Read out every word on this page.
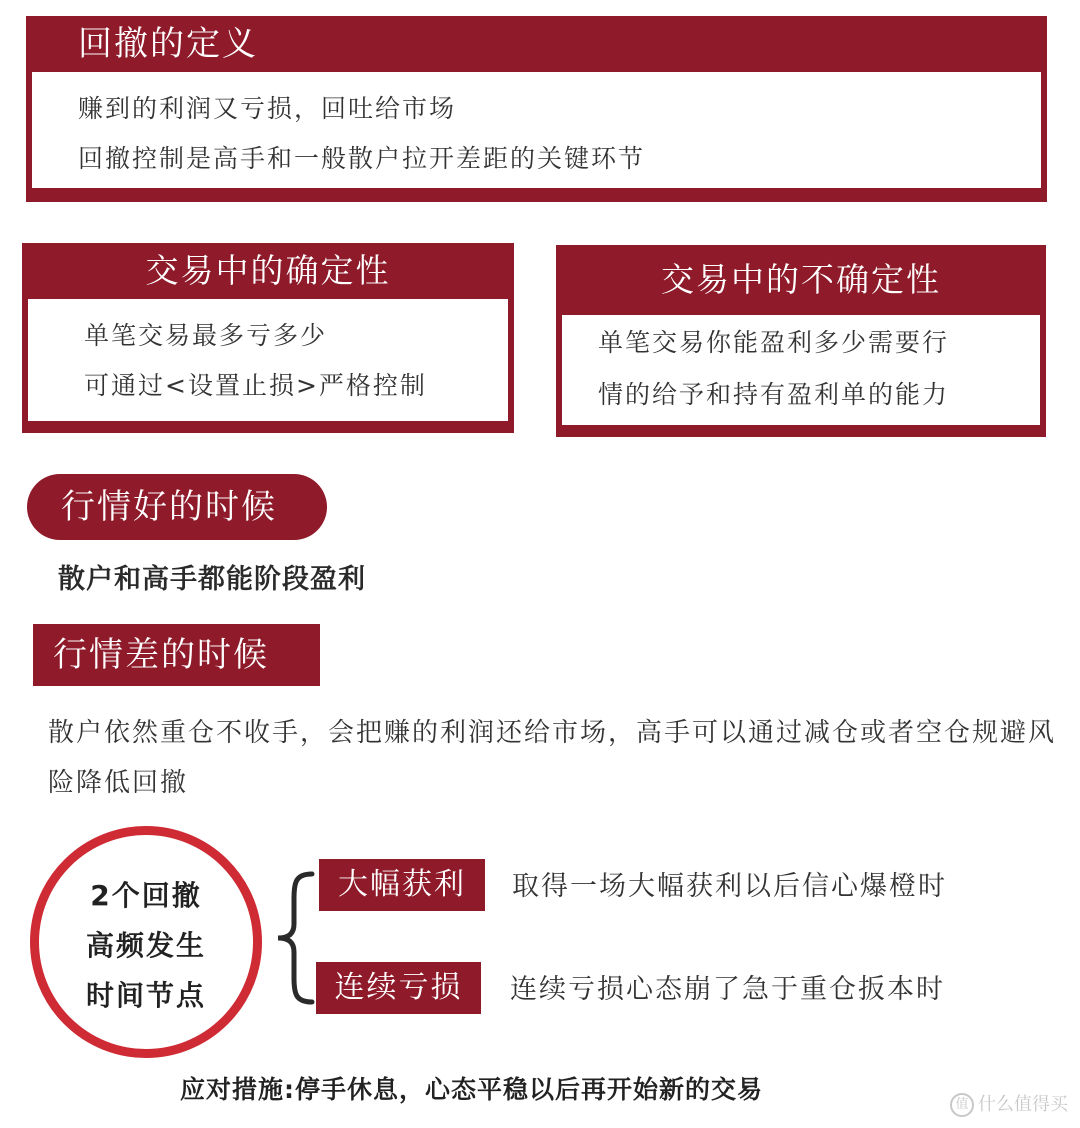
回撤的定义
赚到的利润又亏损，回吐给市场
回撤控制是高手和一般散户拉开差距的关键环节
交易中的确定性
单笔交易最多亏多少
可通过<设置止损>严格控制
交易中的不确定性
单笔交易你能盈利多少需要行
情的给予和持有盈利单的能力
行情好的时候
散户和高手都能阶段盈利
行情差的时候
散户依然重仓不收手，会把赚的利润还给市场，高手可以通过减仓或者空仓规避风险降低回撤
2个回撤
高频发生
时间节点
大幅获利	取得一场大幅获利以后信心爆橙时
连续亏损	连续亏损心态崩了急于重仓扳本时
应对措施:停手休息，心态平稳以后再开始新的交易
值 什么值得买
